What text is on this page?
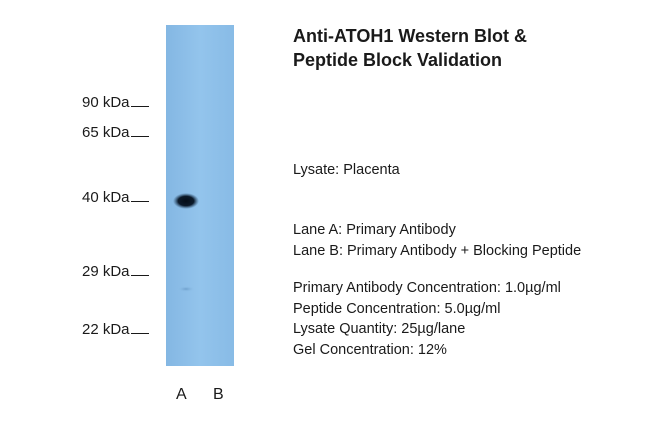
90 kDa
65 kDa
40 kDa
29 kDa
22 kDa
A B
Anti-ATOH1 Western Blot &
Peptide Block Validation
Lysate: Placenta
Lane A: Primary Antibody
Lane B: Primary Antibody + Blocking Peptide
Primary Antibody Concentration: 1.0µg/ml
Peptide Concentration: 5.0µg/ml
Lysate Quantity: 25µg/lane
Gel Concentration: 12%
